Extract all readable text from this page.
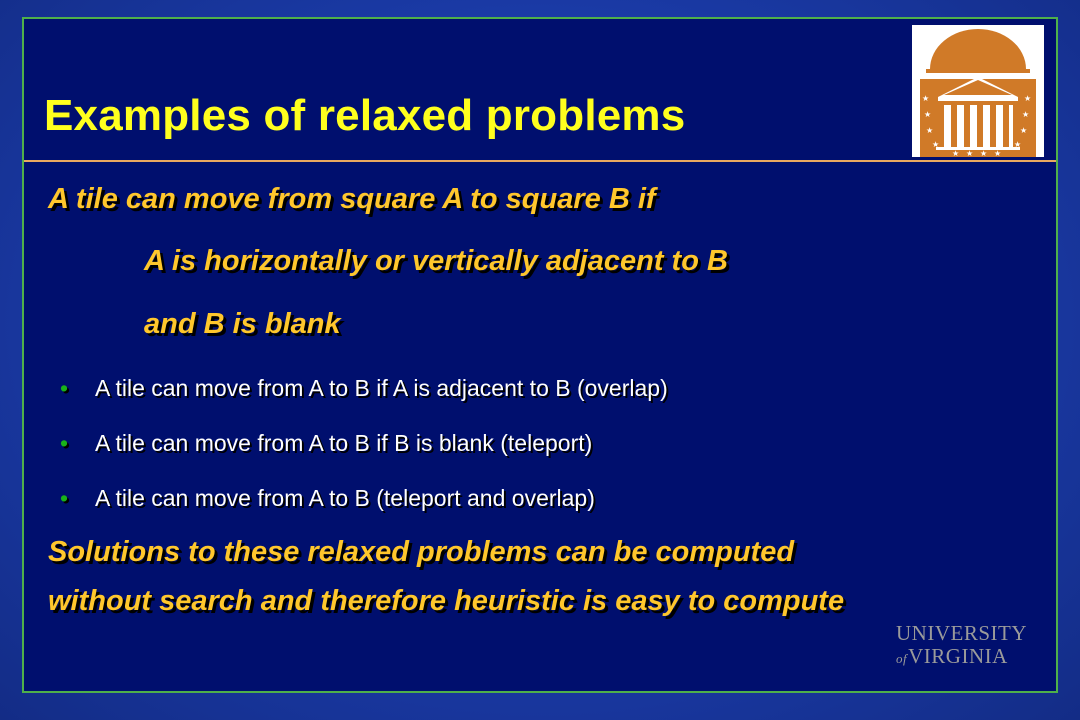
★
★
★
★
★
★
★
★
★ ★ ★ ★
Examples of relaxed problems

A tile can move from square A to square B if

A is horizontally or vertically adjacent to B

and B is blank

•	A tile can move from A to B if A is adjacent to B (overlap)

•	A tile can move from A to B if B is blank (teleport)

•	A tile can move from A to B (teleport and overlap)

Solutions to these relaxed problems can be computed

without search and therefore heuristic is easy to compute

UNIVERSITY
ofVIRGINIA
